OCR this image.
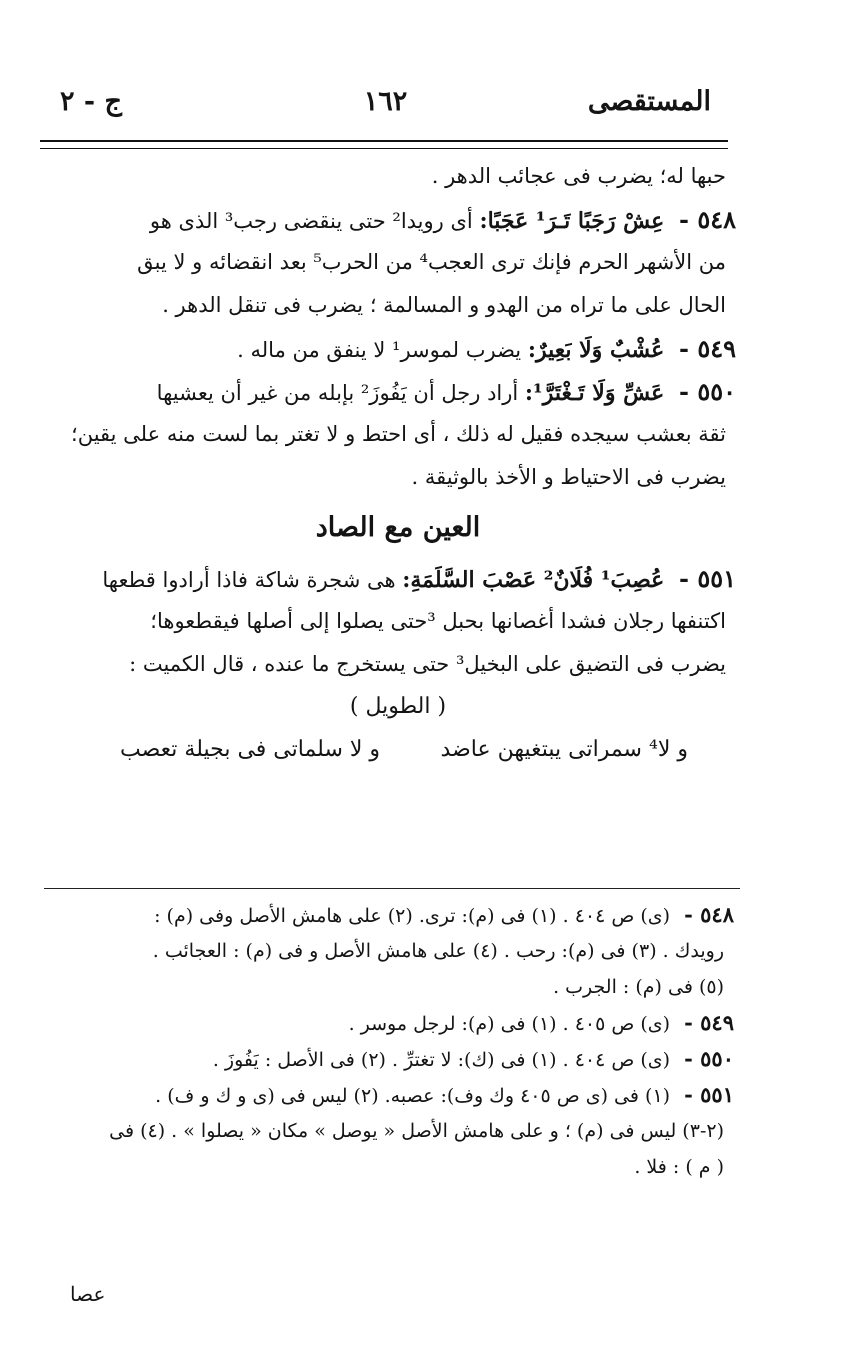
المستقصى
١٦٢
ج - ٢
حبها له؛ يضرب فى عجائب الدهر .
٥٤٨ - عِشْ رَجَبًا تَـرَ¹ عَجَبًا: أى رويدا² حتى ينقضى رجب³ الذى هو
من الأشهر الحرم فإنك ترى العجب⁴ من الحرب⁵ بعد انقضائه و لا يبق
الحال على ما تراه من الهدو و المسالمة ؛ يضرب فى تنقل الدهر .
٥٤٩ - عُشْبٌ وَلَا بَعِيرٌ: يضرب لموسر¹ لا ينفق من ماله .
٥٥٠ - عَشِّ وَلَا تَـغْتَرَّ¹: أراد رجل أن يَفُوزَ² بإبله من غير أن يعشيها
ثقة بعشب سيجده فقيل له ذلك ، أى احتط و لا تغتر بما لست منه على يقين؛
يضرب فى الاحتياط و الأخذ بالوثيقة .
العين مع الصاد
٥٥١ - عُصِبَ¹ فُلَانٌ² عَصْبَ السَّلَمَةِ: هى شجرة شاكة فاذا أرادوا قطعها
اكتنفها رجلان فشدا أغصانها بحبل ³حتى يصلوا إلى أصلها فيقطعوها؛
يضرب فى التضيق على البخيل³ حتى يستخرج ما عنده ، قال الكميت :
( الطويل )
و لا⁴ سمراتى يبتغيهن عاضد
و لا سلماتى فى بجيلة تعصب
٥٤٨ - (ى) ص ٤٠٤ . (١) فى (م): ترى. (٢) على هامش الأصل وفى (م) :
رويدك . (٣) فى (م): رحب . (٤) على هامش الأصل و فى (م) : العجائب .
(٥) فى (م) : الجرب .
٥٤٩ - (ى) ص ٤٠٥ . (١) فى (م): لرجل موسر .
٥٥٠ - (ى) ص ٤٠٤ . (١) فى (ك): لا تغترِّ . (٢) فى الأصل : يَفُوزَ .
٥٥١ - (١) فى (ى ص ٤٠٥ وك وف): عصبه. (٢) ليس فى (ى و ك و ف) .
(٢-٣) ليس فى (م) ؛ و على هامش الأصل « يوصل » مكان « يصلوا » . (٤) فى
( م ) : فلا .
عصا
